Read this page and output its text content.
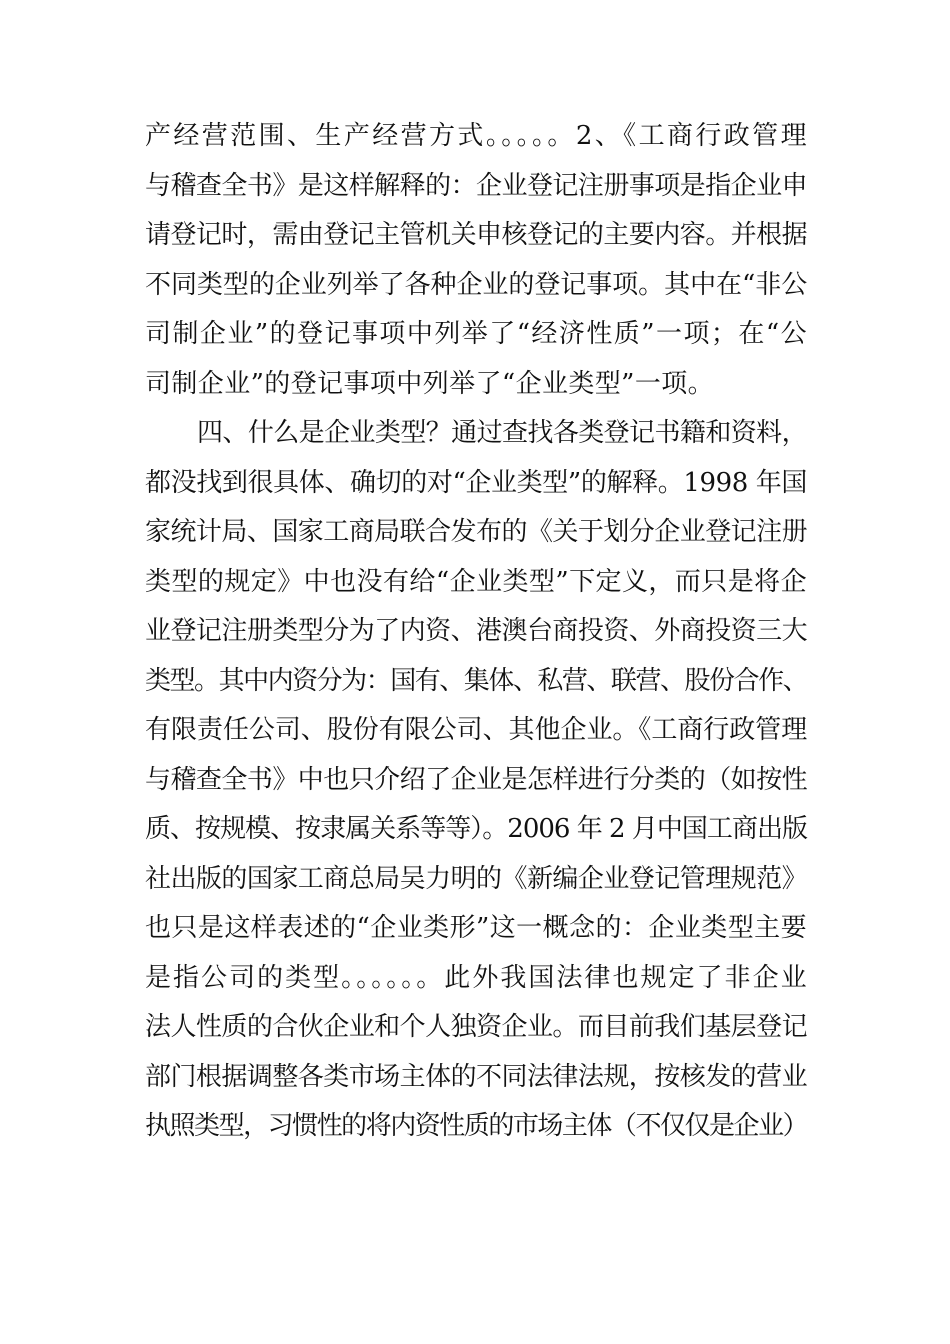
产经营范围、生产经营方式。。。。。2、《工商行政管理
与稽查全书》是这样解释的：企业登记注册事项是指企业申
请登记时，需由登记主管机关申核登记的主要内容。并根据
不同类型的企业列举了各种企业的登记事项。其中在“非公
司制企业”的登记事项中列举了“经济性质”一项；在“公
司制企业”的登记事项中列举了“企业类型”一项。
四、什么是企业类型？通过查找各类登记书籍和资料，
都没找到很具体、确切的对“企业类型”的解释。1998 年国
家统计局、国家工商局联合发布的《关于划分企业登记注册
类型的规定》中也没有给“企业类型”下定义，而只是将企
业登记注册类型分为了内资、港澳台商投资、外商投资三大
类型。其中内资分为：国有、集体、私营、联营、股份合作、
有限责任公司、股份有限公司、其他企业。《工商行政管理
与稽查全书》中也只介绍了企业是怎样进行分类的（如按性
质、按规模、按隶属关系等等）。2006 年 2 月中国工商出版
社出版的国家工商总局吴力明的《新编企业登记管理规范》
也只是这样表述的“企业类形”这一概念的：企业类型主要
是指公司的类型。。。。。。此外我国法律也规定了非企业
法人性质的合伙企业和个人独资企业。而目前我们基层登记
部门根据调整各类市场主体的不同法律法规，按核发的营业
执照类型，习惯性的将内资性质的市场主体（不仅仅是企业）
